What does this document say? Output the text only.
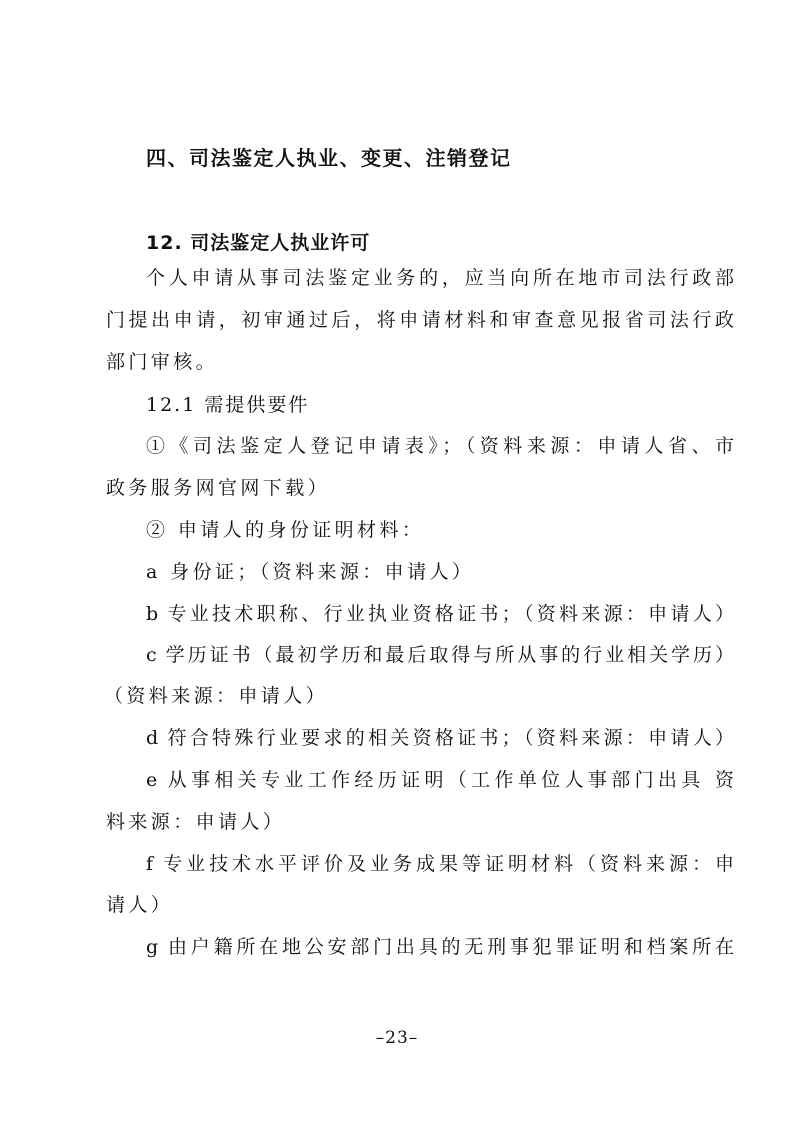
四、司法鉴定人执业、变更、注销登记
12. 司法鉴定人执业许可
个人申请从事司法鉴定业务的，应当向所在地市司法行政部
门提出申请，初审通过后，将申请材料和审查意见报省司法行政
部门审核。
12.1 需提供要件
①《司法鉴定人登记申请表》；（资料来源：申请人省、市
政务服务网官网下载）
② 申请人的身份证明材料：
a 身份证；（资料来源：申请人）
b 专业技术职称、行业执业资格证书；（资料来源：申请人）
c 学历证书（最初学历和最后取得与所从事的行业相关学历）
（资料来源：申请人）
d 符合特殊行业要求的相关资格证书；（资料来源：申请人）
e 从事相关专业工作经历证明（工作单位人事部门出具 资
料来源：申请人）
f 专业技术水平评价及业务成果等证明材料（资料来源：申
请人）
g 由户籍所在地公安部门出具的无刑事犯罪证明和档案所在
–23–
